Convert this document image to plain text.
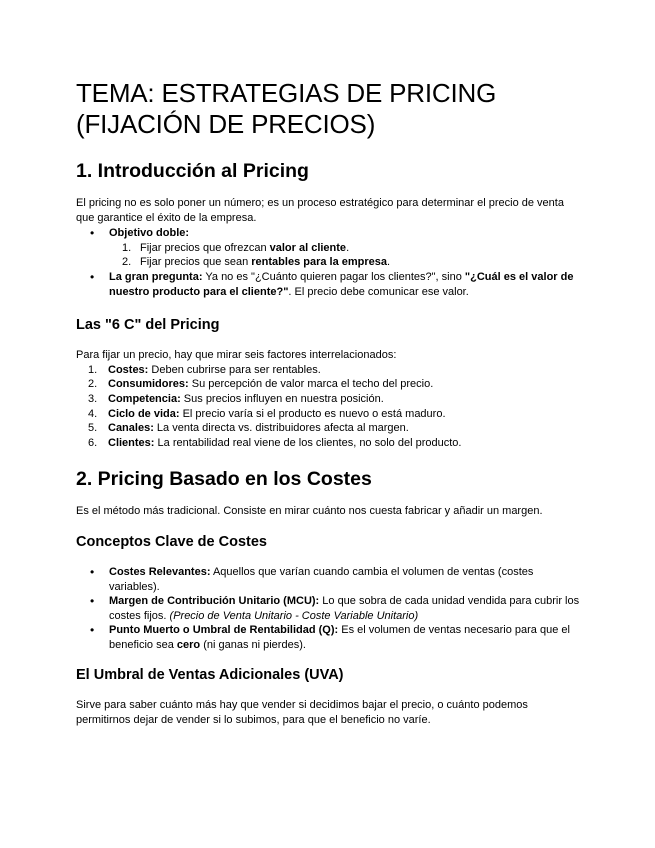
TEMA: ESTRATEGIAS DE PRICING (FIJACIÓN DE PRECIOS)
1. Introducción al Pricing

El pricing no es solo poner un número; es un proceso estratégico para determinar el precio de venta que garantice el éxito de la empresa.

• Objetivo doble:
1. Fijar precios que ofrezcan valor al cliente.
2. Fijar precios que sean rentables para la empresa.
• La gran pregunta: Ya no es "¿Cuánto quieren pagar los clientes?", sino "¿Cuál es el valor de nuestro producto para el cliente?". El precio debe comunicar ese valor.
Las "6 C" del Pricing

Para fijar un precio, hay que mirar seis factores interrelacionados:

1. Costes: Deben cubrirse para ser rentables.
2. Consumidores: Su percepción de valor marca el techo del precio.
3. Competencia: Sus precios influyen en nuestra posición.
4. Ciclo de vida: El precio varía si el producto es nuevo o está maduro.
5. Canales: La venta directa vs. distribuidores afecta al margen.
6. Clientes: La rentabilidad real viene de los clientes, no solo del producto.
2. Pricing Basado en los Costes

Es el método más tradicional. Consiste en mirar cuánto nos cuesta fabricar y añadir un margen.

Conceptos Clave de Costes
• Costes Relevantes: Aquellos que varían cuando cambia el volumen de ventas (costes variables).
• Margen de Contribución Unitario (MCU): Lo que sobra de cada unidad vendida para cubrir los costes fijos. (Precio de Venta Unitario - Coste Variable Unitario)
• Punto Muerto o Umbral de Rentabilidad (Q): Es el volumen de ventas necesario para que el beneficio sea cero (ni ganas ni pierdes).
El Umbral de Ventas Adicionales (UVA)

Sirve para saber cuánto más hay que vender si decidimos bajar el precio, o cuánto podemos permitirnos dejar de vender si lo subimos, para que el beneficio no varíe.
